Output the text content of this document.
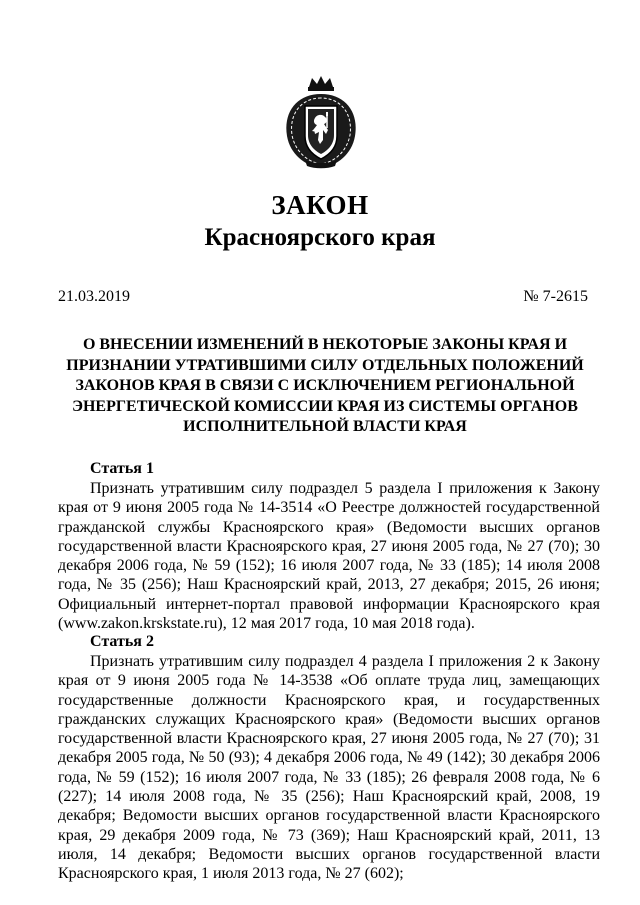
ЗАКОН
Красноярского края
21.03.2019	№ 7-2615
О ВНЕСЕНИИ ИЗМЕНЕНИЙ В НЕКОТОРЫЕ ЗАКОНЫ КРАЯ И ПРИЗНАНИИ УТРАТИВШИМИ СИЛУ ОТДЕЛЬНЫХ ПОЛОЖЕНИЙ ЗАКОНОВ КРАЯ В СВЯЗИ С ИСКЛЮЧЕНИЕМ РЕГИОНАЛЬНОЙ ЭНЕРГЕТИЧЕСКОЙ КОМИССИИ КРАЯ ИЗ СИСТЕМЫ ОРГАНОВ ИСПОЛНИТЕЛЬНОЙ ВЛАСТИ КРАЯ

Статья 1

Признать утратившим силу подраздел 5 раздела I приложения к Закону края от 9 июня 2005 года № 14-3514 «О Реестре должностей государственной гражданской службы Красноярского края» (Ведомости высших органов государственной власти Красноярского края, 27 июня 2005 года, № 27 (70); 30 декабря 2006 года, № 59 (152); 16 июля 2007 года, № 33 (185); 14 июля 2008 года, № 35 (256); Наш Красноярский край, 2013, 27 декабря; 2015, 26 июня; Официальный интернет-портал правовой информации Красноярского края (www.zakon.krskstate.ru), 12 мая 2017 года, 10 мая 2018 года).

Статья 2

Признать утратившим силу подраздел 4 раздела I приложения 2 к Закону края от 9 июня 2005 года № 14-3538 «Об оплате труда лиц, замещающих государственные должности Красноярского края, и государственных гражданских служащих Красноярского края» (Ведомости высших органов государственной власти Красноярского края, 27 июня 2005 года, № 27 (70); 31 декабря 2005 года, № 50 (93); 4 декабря 2006 года, № 49 (142); 30 декабря 2006 года, № 59 (152); 16 июля 2007 года, № 33 (185); 26 февраля 2008 года, № 6 (227); 14 июля 2008 года, № 35 (256); Наш Красноярский край, 2008, 19 декабря; Ведомости высших органов государственной власти Красноярского края, 29 декабря 2009 года, № 73 (369); Наш Красноярский край, 2011, 13 июля, 14 декабря; Ведомости высших органов государственной власти Красноярского края, 1 июля 2013 года, № 27 (602);
